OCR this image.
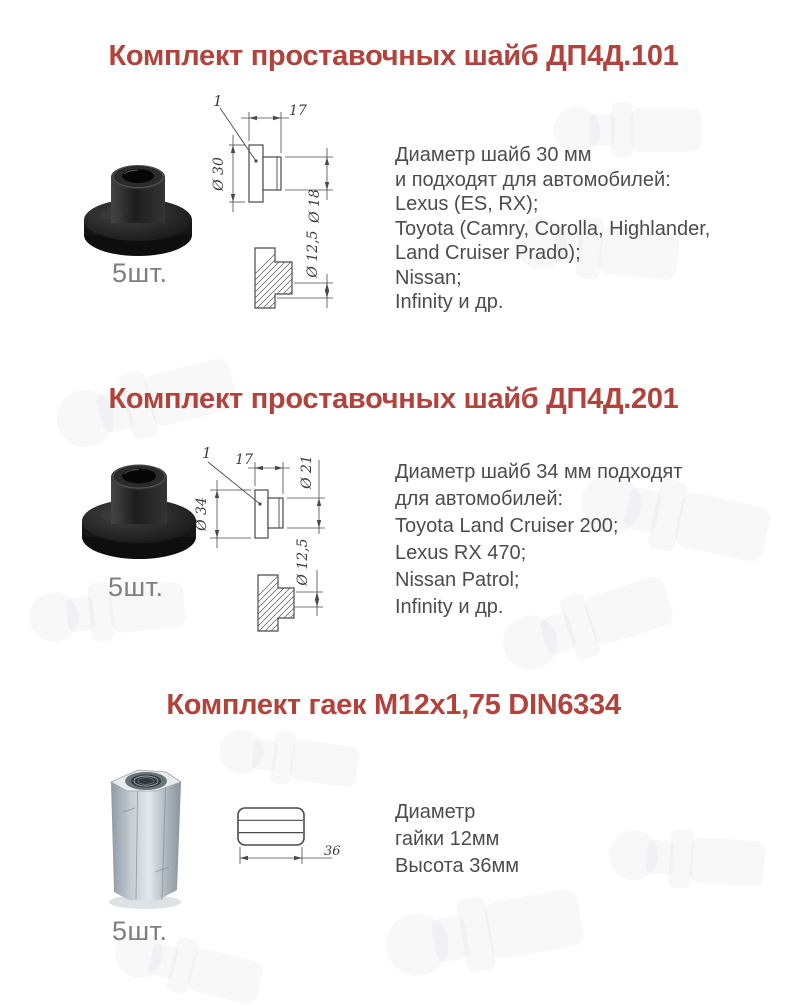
Комплект проставочных шайб ДП4Д.101
5шт.
1
17
Ø 30
Ø 18
Ø 12,5
Диаметр шайб 30 мм
и подходят для автомобилей:
Lexus (ES, RX);
Toyota (Camry, Corolla, Highlander,
Land Cruiser Prado);
Nissan;
Infinity и др.
Комплект проставочных шайб ДП4Д.201
5шт.
1 17
Ø 34
Ø 21
Ø 12,5
Диаметр шайб 34 мм подходят
для автомобилей:
Toyota Land Cruiser 200;
Lexus RX 470;
Nissan Patrol;
Infinity и др.
Комплект гаек М12х1,75 DIN6334
5шт.
36
Диаметр
гайки 12мм
Высота 36мм
